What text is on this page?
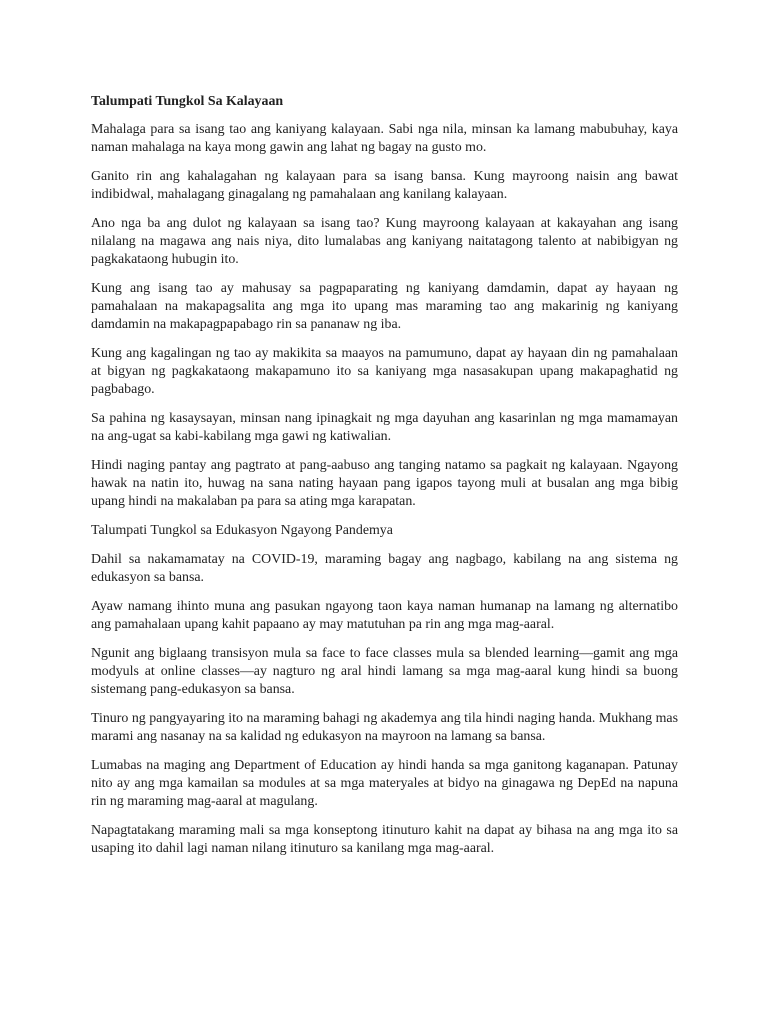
Talumpati Tungkol Sa Kalayaan

Mahalaga para sa isang tao ang kaniyang kalayaan. Sabi nga nila, minsan ka lamang mabubuhay, kaya naman mahalaga na kaya mong gawin ang lahat ng bagay na gusto mo.

Ganito rin ang kahalagahan ng kalayaan para sa isang bansa. Kung mayroong naisin ang bawat indibidwal, mahalagang ginagalang ng pamahalaan ang kanilang kalayaan.

Ano nga ba ang dulot ng kalayaan sa isang tao? Kung mayroong kalayaan at kakayahan ang isang nilalang na magawa ang nais niya, dito lumalabas ang kaniyang naitatagong talento at nabibigyan ng pagkakataong hubugin ito.

Kung ang isang tao ay mahusay sa pagpaparating ng kaniyang damdamin, dapat ay hayaan ng pamahalaan na makapagsalita ang mga ito upang mas maraming tao ang makarinig ng kaniyang damdamin na makapagpapabago rin sa pananaw ng iba.

Kung ang kagalingan ng tao ay makikita sa maayos na pamumuno, dapat ay hayaan din ng pamahalaan at bigyan ng pagkakataong makapamuno ito sa kaniyang mga nasasakupan upang makapaghatid ng pagbabago.

Sa pahina ng kasaysayan, minsan nang ipinagkait ng mga dayuhan ang kasarinlan ng mga mamamayan na ang-ugat sa kabi-kabilang mga gawi ng katiwalian.

Hindi naging pantay ang pagtrato at pang-aabuso ang tanging natamo sa pagkait ng kalayaan. Ngayong hawak na natin ito, huwag na sana nating hayaan pang igapos tayong muli at busalan ang mga bibig upang hindi na makalaban pa para sa ating mga karapatan.

Talumpati Tungkol sa Edukasyon Ngayong Pandemya

Dahil sa nakamamatay na COVID-19, maraming bagay ang nagbago, kabilang na ang sistema ng edukasyon sa bansa.

Ayaw namang ihinto muna ang pasukan ngayong taon kaya naman humanap na lamang ng alternatibo ang pamahalaan upang kahit papaano ay may matutuhan pa rin ang mga mag-aaral.

Ngunit ang biglaang transisyon mula sa face to face classes mula sa blended learning—gamit ang mga modyuls at online classes—ay nagturo ng aral hindi lamang sa mga mag-aaral kung hindi sa buong sistemang pang-edukasyon sa bansa.

Tinuro ng pangyayaring ito na maraming bahagi ng akademya ang tila hindi naging handa. Mukhang mas marami ang nasanay na sa kalidad ng edukasyon na mayroon na lamang sa bansa.

Lumabas na maging ang Department of Education ay hindi handa sa mga ganitong kaganapan. Patunay nito ay ang mga kamailan sa modules at sa mga materyales at bidyo na ginagawa ng DepEd na napuna rin ng maraming mag-aaral at magulang.

Napagtatakang maraming mali sa mga konseptong itinuturo kahit na dapat ay bihasa na ang mga ito sa usaping ito dahil lagi naman nilang itinuturo sa kanilang mga mag-aaral.
